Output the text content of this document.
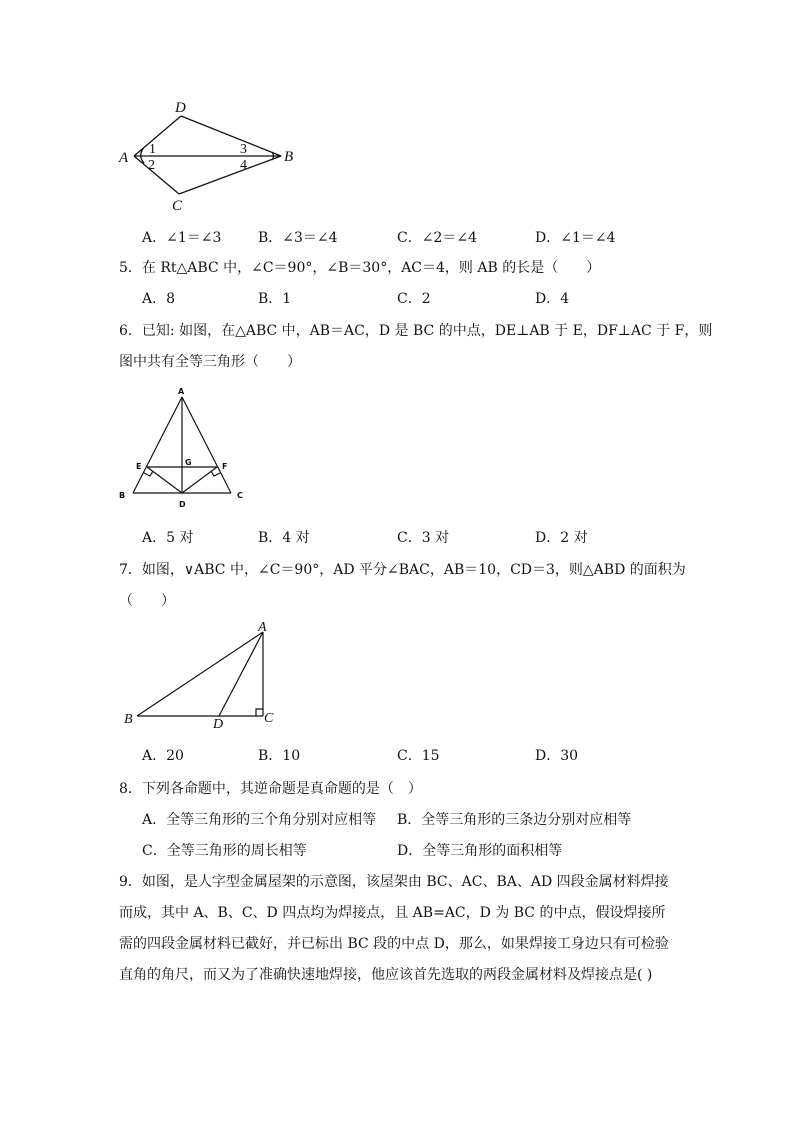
A
D
B
C
1
2
3
4
A．∠1＝∠3	B．∠3＝∠4	C．∠2＝∠4	D．∠1＝∠4
5．在 Rt△ABC 中，∠C＝90°，∠B＝30°，AC＝4，则 AB 的长是（　　）
A．8	B．1	C．2	D．4
6．已知: 如图，在△ABC 中，AB＝AC，D 是 BC 的中点，DE⊥AB 于 E，DF⊥AC 于 F，则
图中共有全等三角形（　　）
A
B	C
D
E	F
G
A．5 对	B．4 对	C．3 对	D．2 对
7．如图，∨ABC 中，∠C＝90°，AD 平分∠BAC，AB＝10，CD＝3，则△ABD 的面积为
（　　）
A
B	C
D
A．20	B．10	C．15	D．30
8．下列各命题中，其逆命题是真命题的是（　）
A．全等三角形的三个角分别对应相等 B．全等三角形的三条边分别对应相等
C．全等三角形的周长相等	D．全等三角形的面积相等
9．如图，是人字型金属屋架的示意图，该屋架由 BC、AC、BA、AD 四段金属材料焊接而成，其中 A、B、C、D 四点均为焊接点，且 AB=AC，D 为 BC 的中点，假设焊接所需的四段金属材料已截好，并已标出 BC 段的中点 D，那么，如果焊接工身边只有可检验直角的角尺，而又为了准确快速地焊接，他应该首先选取的两段金属材料及焊接点是( )
